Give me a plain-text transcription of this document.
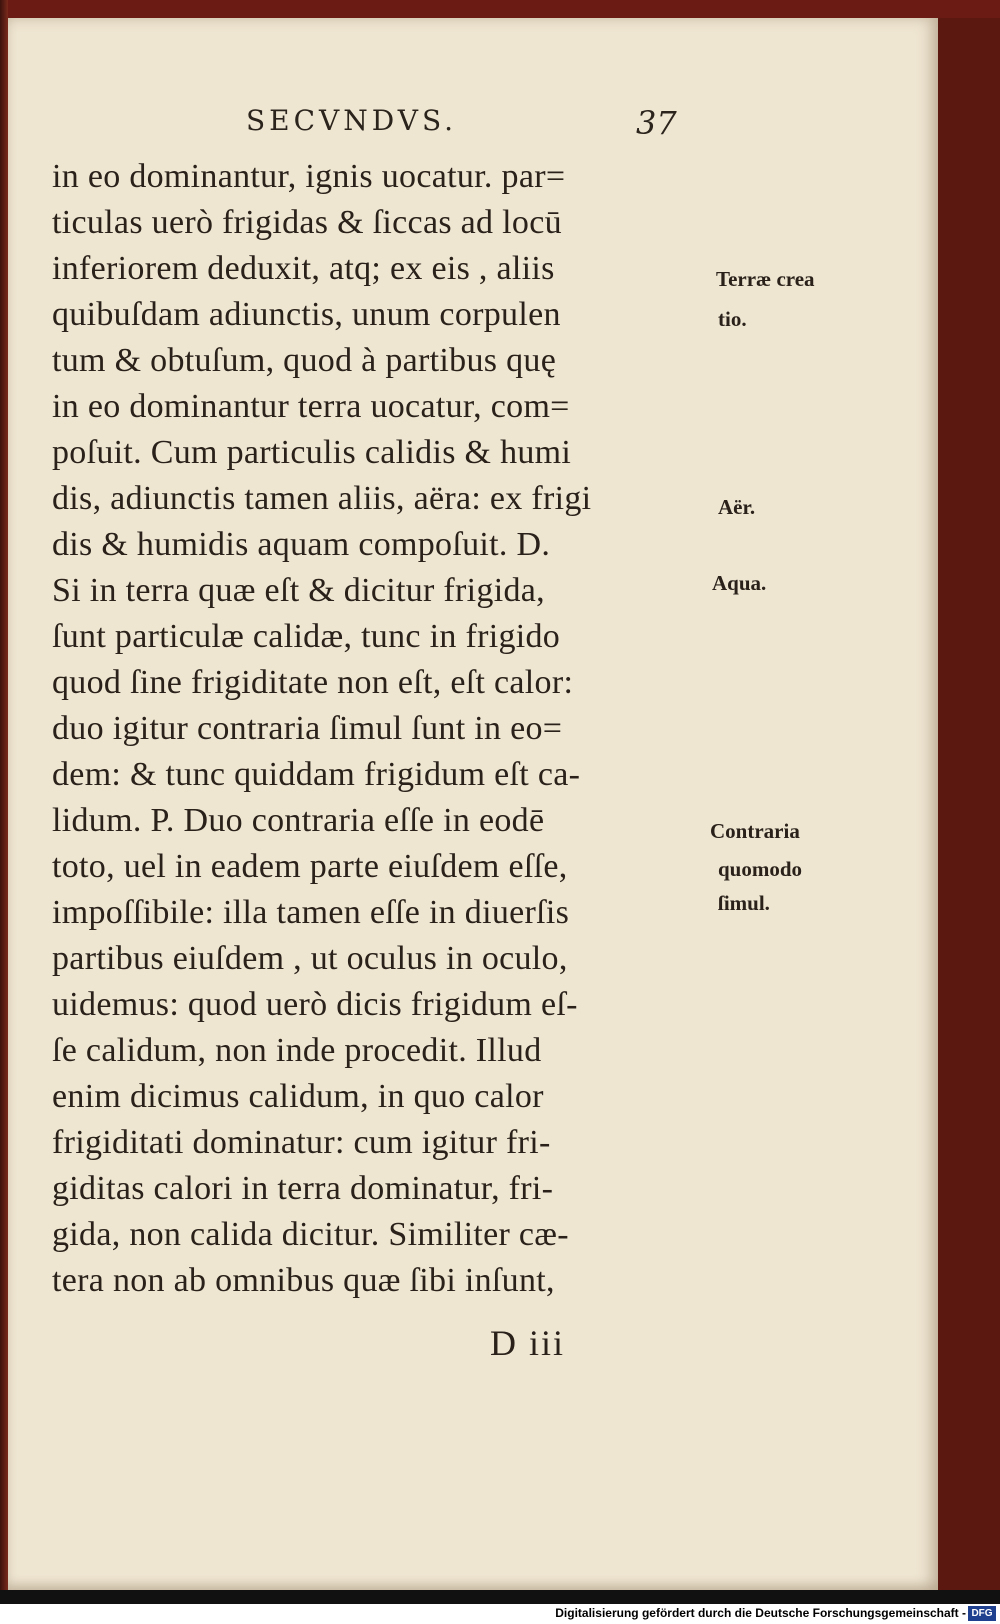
SECVNDVS.	37
in eo dominantur, ignis uocatur. par=
ticulas uerò frigidas & ſiccas ad locū
inferiorem deduxit, atq; ex eis , aliis
quibuſdam adiunctis, unum corpulen
tum & obtuſum, quod à partibus quę
in eo dominantur terra uocatur, com=
poſuit. Cum particulis calidis & humi
dis, adiunctis tamen aliis, aëra: ex frigi
dis & humidis aquam compoſuit. D.
Si in terra quæ eſt & dicitur frigida,
ſunt particulæ calidæ, tunc in frigido
quod ſine frigiditate non eſt, eſt calor:
duo igitur contraria ſimul ſunt in eo=
dem: & tunc quiddam frigidum eſt ca-
lidum. P. Duo contraria eſſe in eodē
toto, uel in eadem parte eiuſdem eſſe,
impoſſibile: illa tamen eſſe in diuerſis
partibus eiuſdem , ut oculus in oculo,
uidemus: quod uerò dicis frigidum eſ-
ſe calidum, non inde procedit. Illud
enim dicimus calidum, in quo calor
frigiditati dominatur: cum igitur fri-
giditas calori in terra dominatur, fri-
gida, non calida dicitur. Similiter cæ-
tera non ab omnibus quæ ſibi inſunt,
Terræ crea
tio.
Aër.
Aqua.
Contraria
quomodo
ſimul.
D iii
Digitalisierung gefördert durch die Deutsche Forschungsgemeinschaft - DFG
